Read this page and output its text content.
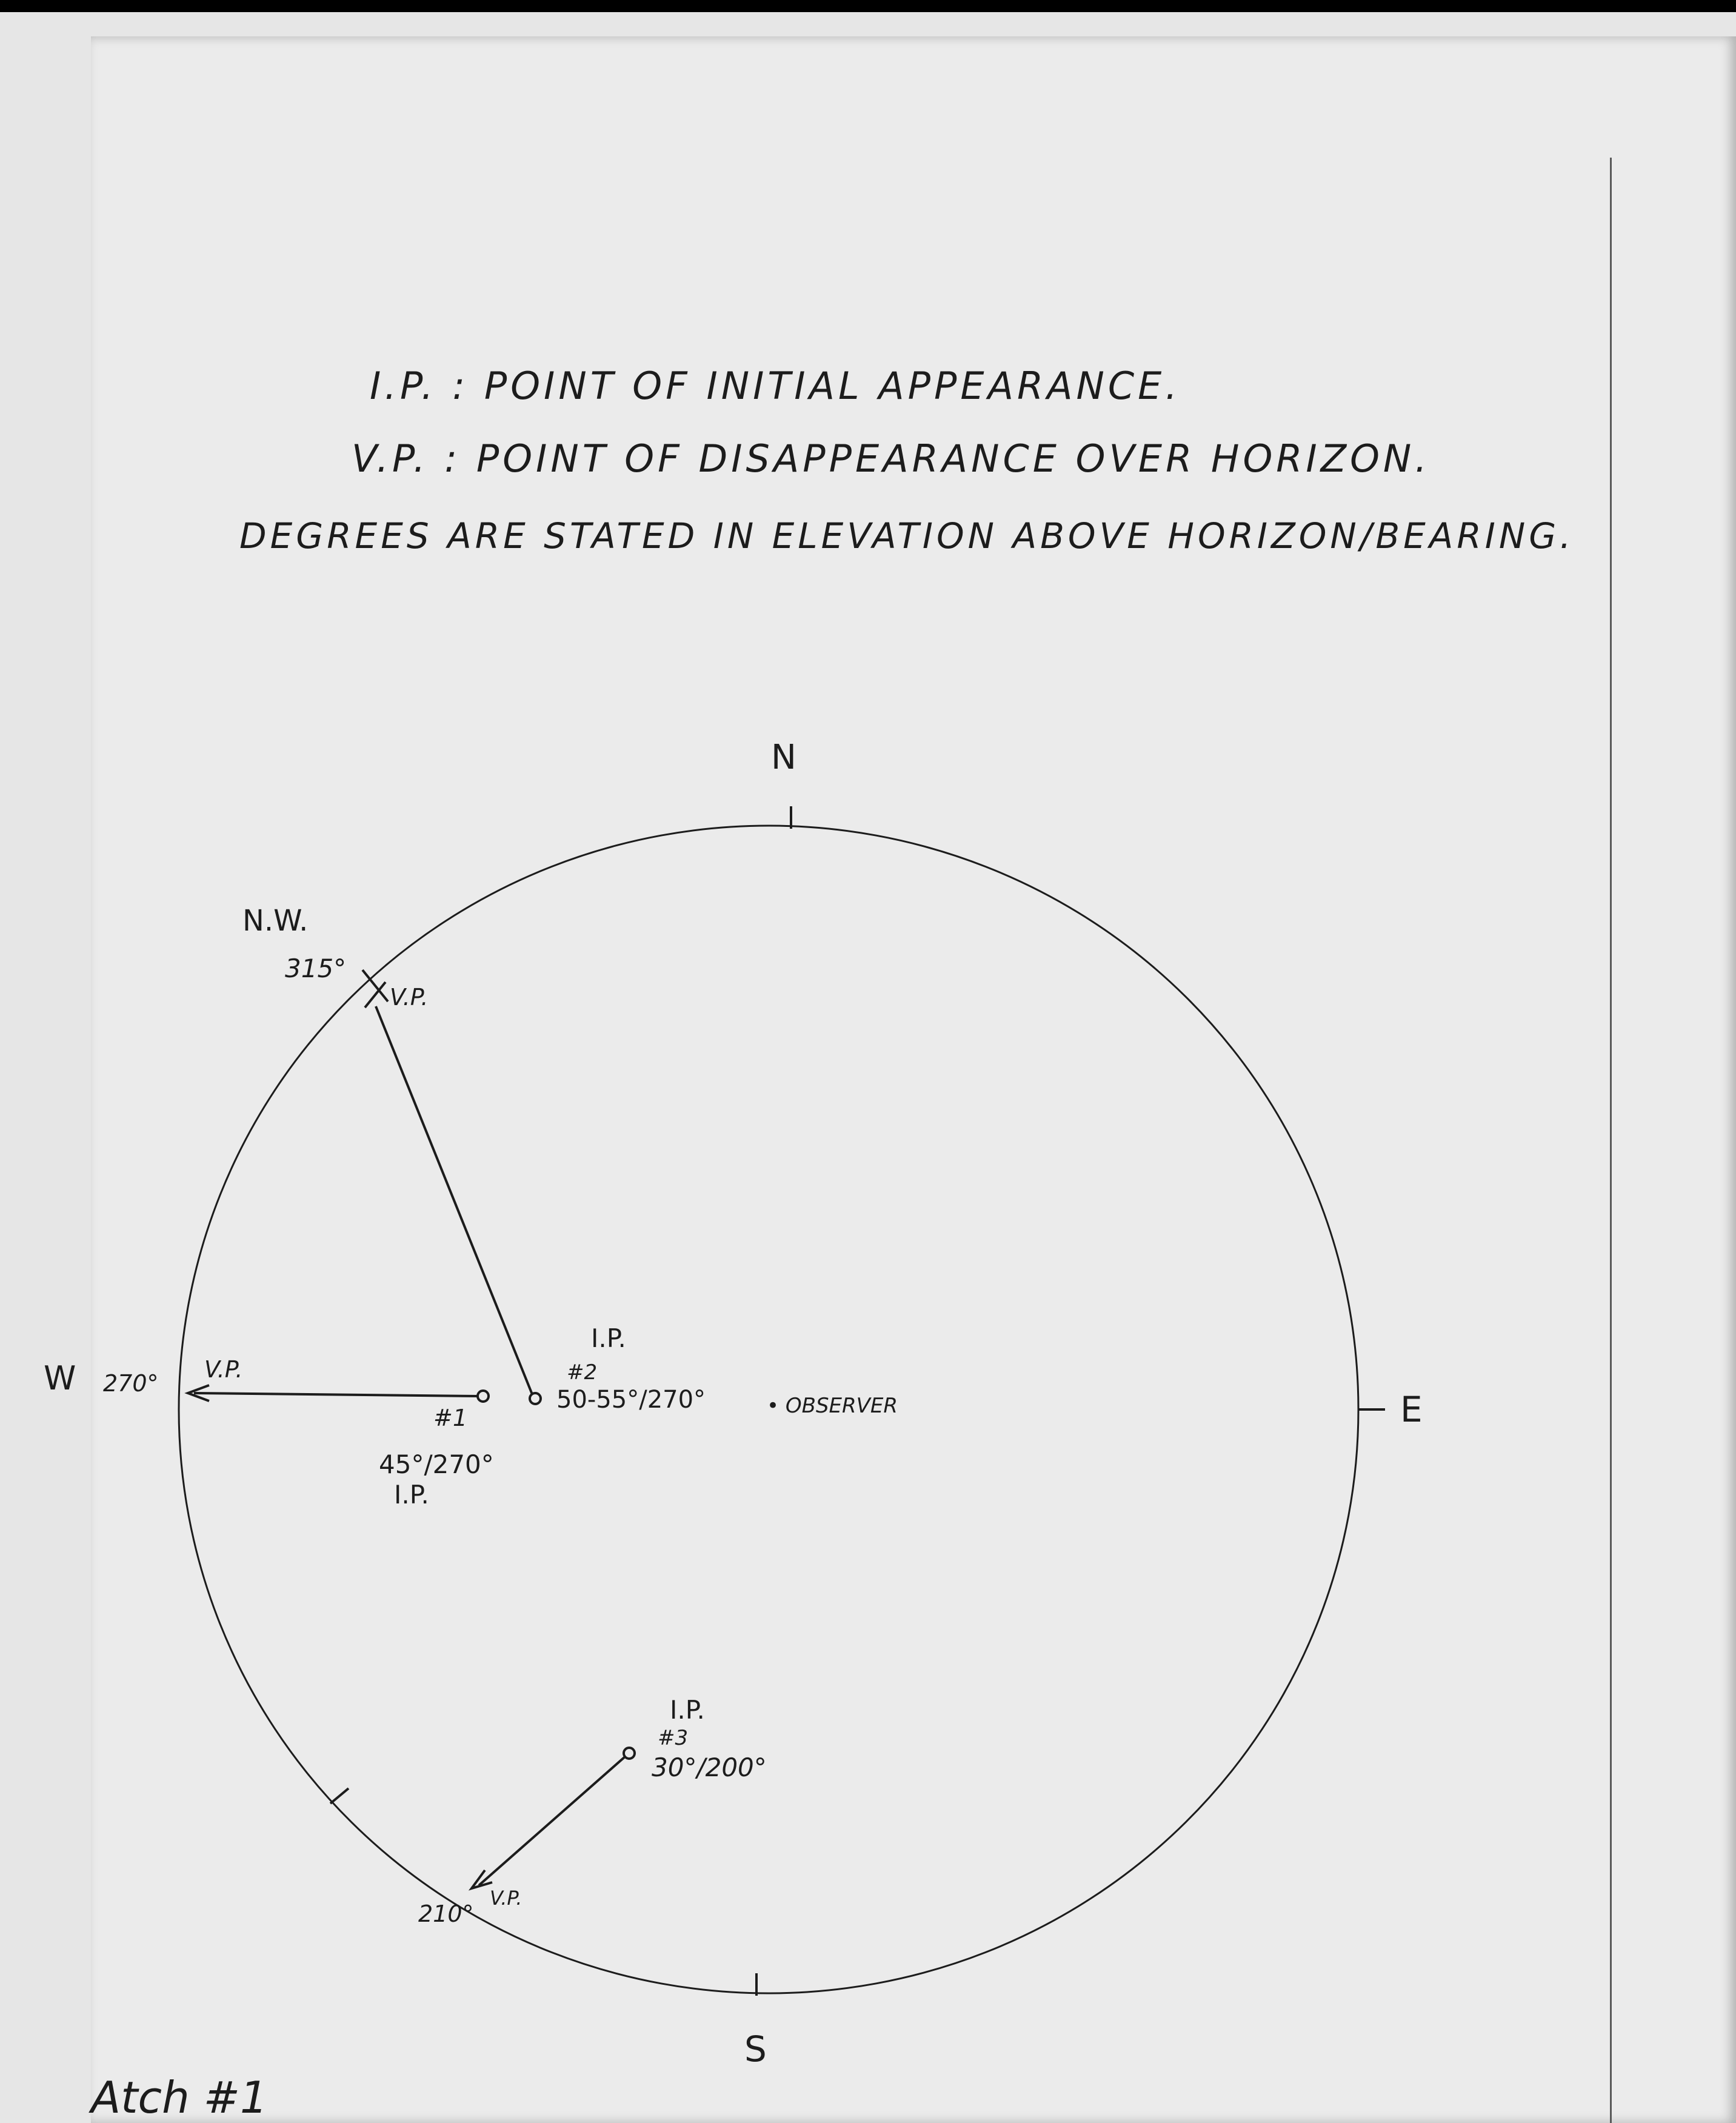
I.P. : POINT OF INITIAL APPEARANCE.
V.P. : POINT OF DISAPPEARANCE OVER HORIZON.
DEGREES ARE STATED IN ELEVATION ABOVE HORIZON/BEARING.
N
E
S
W
N.W.
V.P.
270°
#1
45°/270°
I.P.
V.P.
315°
I.P.
#2
50-55°/270°	• OBSERVER
I.P.
#3
30°/200°
V.P.
210°
Atch #1
